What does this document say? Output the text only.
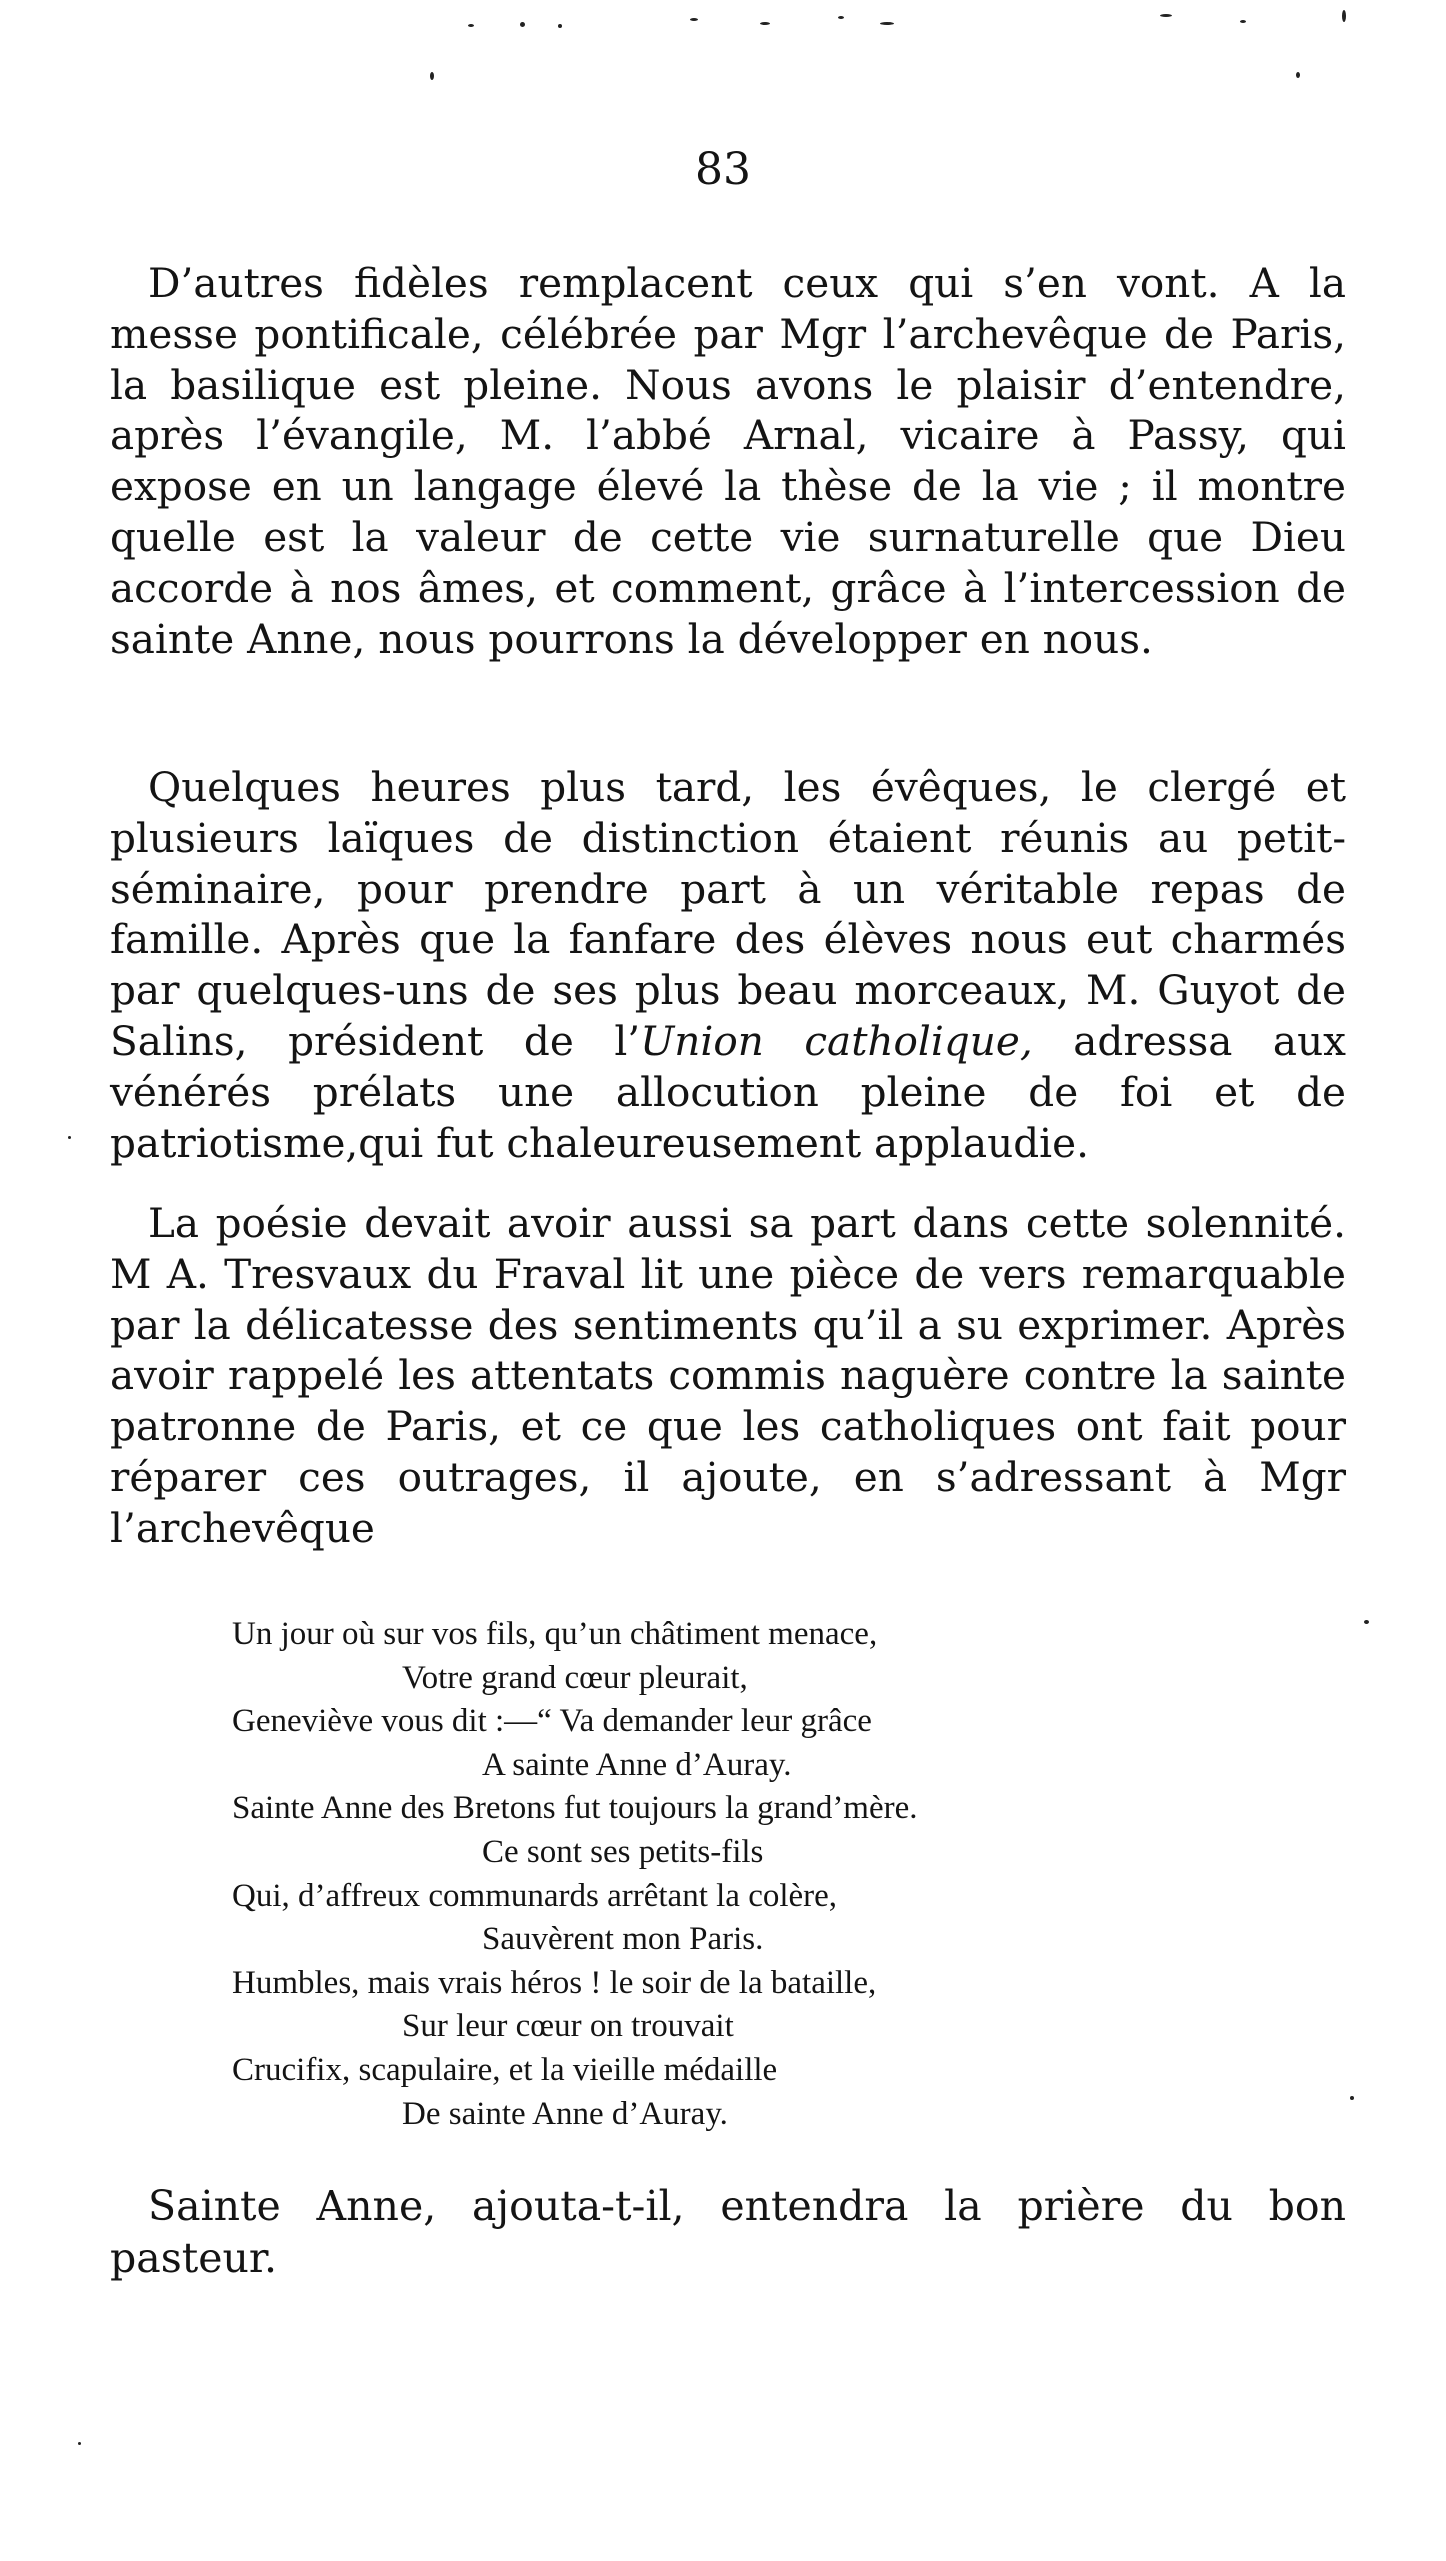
83

D’autres fidèles remplacent ceux qui s’en vont. A la messe pontificale, célébrée par Mgr l’archevêque de Paris, la basilique est pleine. Nous avons le plaisir d’entendre, après l’évangile, M. l’abbé Arnal, vicaire à Passy, qui expose en un langage élevé la thèse de la vie ; il montre quelle est la valeur de cette vie surnaturelle que Dieu accorde à nos âmes, et comment, grâce à l’intercession de sainte Anne, nous pourrons la développer en nous.

Quelques heures plus tard, les évêques, le clergé et plusieurs laïques de distinction étaient réunis au petit-séminaire, pour prendre part à un véritable repas de famille. Après que la fanfare des élèves nous eut charmés par quelques-uns de ses plus beau morceaux, M. Guyot de Salins, président de l’Union catholique, adressa aux vénérés prélats une allocution pleine de foi et de patriotisme,qui fut chaleureusement applaudie.

La poésie devait avoir aussi sa part dans cette solennité. M A. Tresvaux du Fraval lit une pièce de vers remarquable par la délicatesse des sentiments qu’il a su exprimer. Après avoir rappelé les attentats commis naguère contre la sainte patronne de Paris, et ce que les catholiques ont fait pour réparer ces outrages, il ajoute, en s’adressant à Mgr l’archevêque

Un jour où sur vos fils, qu’un châtiment menace,
Votre grand cœur pleurait,
Geneviève vous dit :—“ Va demander leur grâce
A sainte Anne d’Auray.
Sainte Anne des Bretons fut toujours la grand’mère.
Ce sont ses petits-fils
Qui, d’affreux communards arrêtant la colère,
Sauvèrent mon Paris.
Humbles, mais vrais héros ! le soir de la bataille,
Sur leur cœur on trouvait
Crucifix, scapulaire, et la vieille médaille
De sainte Anne d’Auray.

Sainte Anne, ajouta-t-il, entendra la prière du bon pasteur.
